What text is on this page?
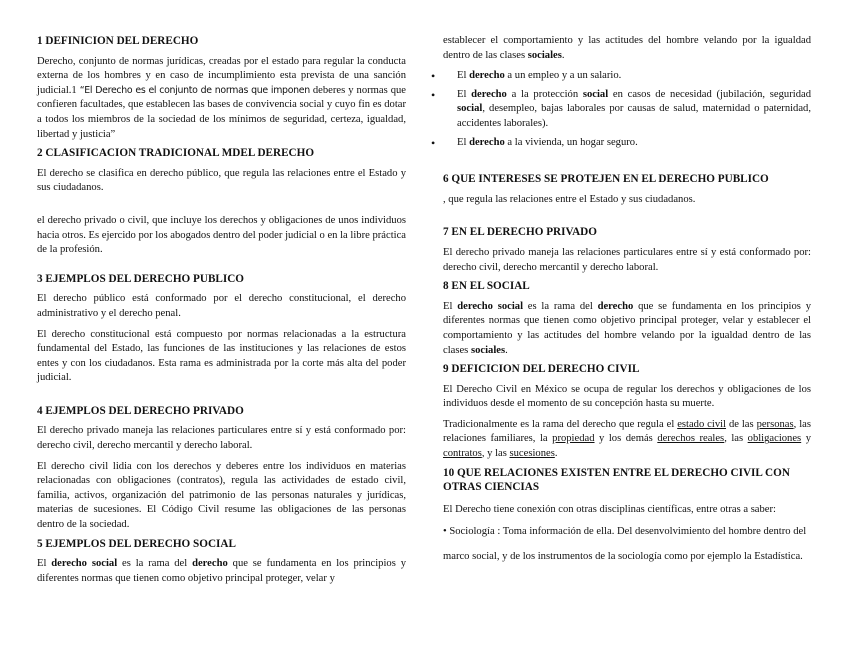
1 DEFINICION DEL DERECHO

Derecho, conjunto de normas jurídicas, creadas por el estado para regular la conducta externa de los hombres y en caso de incumplimiento esta prevista de una sanción judicial.1 “El Derecho es el conjunto de normas que imponen deberes y normas que confieren facultades, que establecen las bases de convivencia social y cuyo fin es dotar a todos los miembros de la sociedad de los mínimos de seguridad, certeza, igualdad, libertad y justicia”

2 CLASIFICACION TRADICIONAL MDEL DERECHO

El derecho se clasifica en derecho público, que regula las relaciones entre el Estado y sus ciudadanos.

el derecho privado o civil, que incluye los derechos y obligaciones de unos individuos hacia otros. Es ejercido por los abogados dentro del poder judicial o en la libre práctica de la profesión.

3 EJEMPLOS DEL DERECHO PUBLICO

El derecho público está conformado por el derecho constitucional, el derecho administrativo y el derecho penal.

El derecho constitucional está compuesto por normas relacionadas a la estructura fundamental del Estado, las funciones de las instituciones y las relaciones de estos entes y con los ciudadanos. Esta rama es administrada por la corte más alta del poder judicial.

4 EJEMPLOS DEL DERECHO PRIVADO

El derecho privado maneja las relaciones particulares entre sí y está conformado por: derecho civil, derecho mercantil y derecho laboral.

El derecho civil lidia con los derechos y deberes entre los individuos en materias relacionadas con obligaciones (contratos), regula las actividades de estado civil, familia, activos, organización del patrimonio de las personas naturales y jurídicas, materias de sucesiones. El Código Civil resume las obligaciones de las personas dentro de la sociedad.

5 EJEMPLOS DEL DERECHO SOCIAL

El derecho social es la rama del derecho que se fundamenta en los principios y diferentes normas que tienen como objetivo principal proteger, velar y

establecer el comportamiento y las actitudes del hombre velando por la igualdad dentro de las clases sociales.

• El derecho a un empleo y a un salario.
• El derecho a la protección social en casos de necesidad (jubilación, seguridad social, desempleo, bajas laborales por causas de salud, maternidad o paternidad, accidentes laborales).
• El derecho a la vivienda, un hogar seguro.
6 QUE INTERESES SE PROTEJEN EN EL DERECHO PUBLICO

, que regula las relaciones entre el Estado y sus ciudadanos.

7 EN EL DERECHO PRIVADO

El derecho privado maneja las relaciones particulares entre sí y está conformado por: derecho civil, derecho mercantil y derecho laboral.

8 EN EL SOCIAL

El derecho social es la rama del derecho que se fundamenta en los principios y diferentes normas que tienen como objetivo principal proteger, velar y establecer el comportamiento y las actitudes del hombre velando por la igualdad dentro de las clases sociales.

9 DEFICICION DEL DERECHO CIVIL

El Derecho Civil en México se ocupa de regular los derechos y obligaciones de los individuos desde el momento de su concepción hasta su muerte.

Tradicionalmente es la rama del derecho que regula el estado civil de las personas, las relaciones familiares, la propiedad y los demás derechos reales, las obligaciones y contratos, y las sucesiones.

10 QUE RELACIONES EXISTEN ENTRE EL DERECHO CIVIL CON OTRAS CIENCIAS

El Derecho tiene conexión con otras disciplinas científicas, entre otras a saber:

• Sociología : Toma información de ella. Del desenvolvimiento del hombre dentro del

marco social, y de los instrumentos de la sociología como por ejemplo la Estadística.
